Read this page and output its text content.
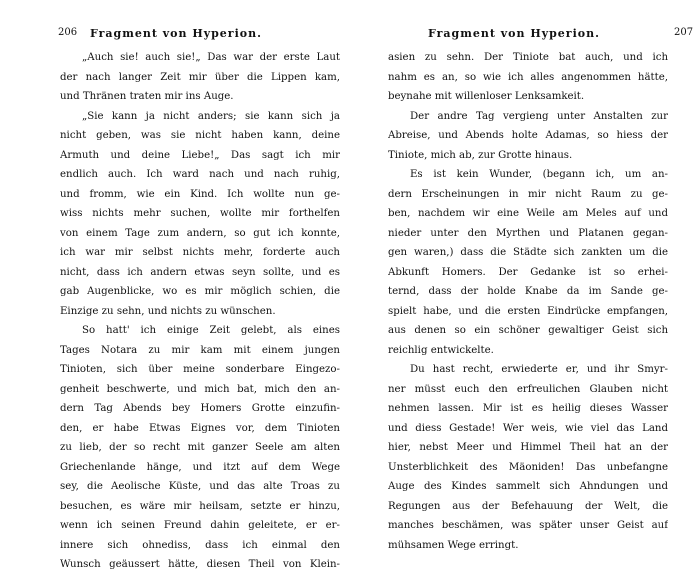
206 Fragment von Hyperion.
„Auch sie! auch sie!„ Das war der erste Laut
der nach langer Zeit mir über die Lippen kam,
und Thränen traten mir ins Auge.
„Sie kann ja nicht anders; sie kann sich ja
nicht geben, was sie nicht haben kann, deine
Armuth und deine Liebe!„ Das sagt ich mir
endlich auch. Ich ward nach und nach ruhig,
und fromm, wie ein Kind. Ich wollte nun ge-
wiss nichts mehr suchen, wollte mir forthelfen
von einem Tage zum andern, so gut ich konnte,
ich war mir selbst nichts mehr, forderte auch
nicht, dass ich andern etwas seyn sollte, und es
gab Augenblicke, wo es mir möglich schien, die
Einzige zu sehn, und nichts zu wünschen.
So hatt' ich einige Zeit gelebt, als eines
Tages Notara zu mir kam mit einem jungen
Tinioten, sich über meine sonderbare Eingezo-
genheit beschwerte, und mich bat, mich den an-
dern Tag Abends bey Homers Grotte einzufin-
den, er habe Etwas Eignes vor, dem Tinioten
zu lieb, der so recht mit ganzer Seele am alten
Griechenlande hänge, und itzt auf dem Wege
sey, die Aeolische Küste, und das alte Troas zu
besuchen, es wäre mir heilsam, setzte er hinzu,
wenn ich seinen Freund dahin geleitete, er er-
innere sich ohnediss, dass ich einmal den
Wunsch geäussert hätte, diesen Theil von Klein-
Fragment von Hyperion.	207
asien zu sehn. Der Tiniote bat auch, und ich
nahm es an, so wie ich alles angenommen hätte,
beynahe mit willenloser Lenksamkeit.
Der andre Tag vergieng unter Anstalten zur
Abreise, und Abends holte Adamas, so hiess der
Tiniote, mich ab, zur Grotte hinaus.
Es ist kein Wunder, (begann ich, um an-
dern Erscheinungen in mir nicht Raum zu ge-
ben, nachdem wir eine Weile am Meles auf und
nieder unter den Myrthen und Platanen gegan-
gen waren,) dass die Städte sich zankten um die
Abkunft Homers. Der Gedanke ist so erhei-
ternd, dass der holde Knabe da im Sande ge-
spielt habe, und die ersten Eindrücke empfangen,
aus denen so ein schöner gewaltiger Geist sich
reichlig entwickelte.
Du hast recht, erwiederte er, und ihr Smyr-
ner müsst euch den erfreulichen Glauben nicht
nehmen lassen. Mir ist es heilig dieses Wasser
und diess Gestade! Wer weis, wie viel das Land
hier, nebst Meer und Himmel Theil hat an der
Unsterblichkeit des Mäoniden! Das unbefangne
Auge des Kindes sammelt sich Ahndungen und
Regungen aus der Befehauung der Welt, die
manches beschämen, was später unser Geist auf
mühsamen Wege erringt.
